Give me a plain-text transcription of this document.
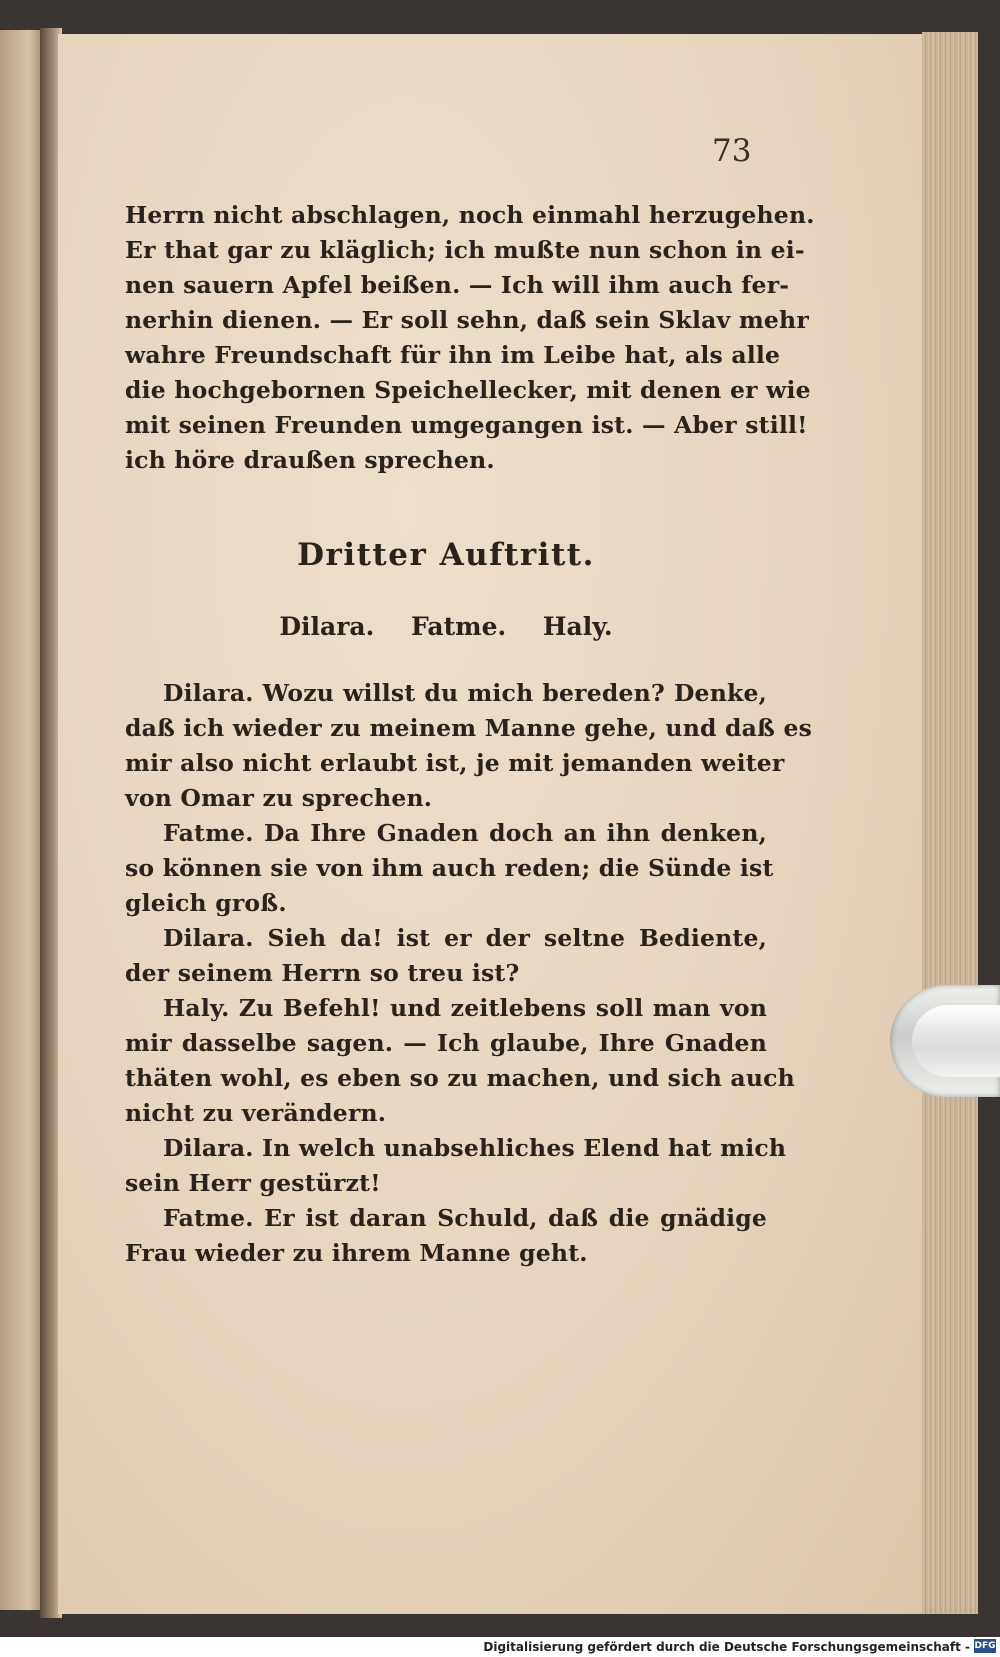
73
Herrn nicht abschlagen, noch einmahl herzugehen.
Er that gar zu kläglich; ich mußte nun schon in ei-
nen sauern Apfel beißen. — Ich will ihm auch fer-
nerhin dienen. — Er soll sehn, daß sein Sklav mehr
wahre Freundschaft für ihn im Leibe hat, als alle
die hochgebornen Speichellecker, mit denen er wie
mit seinen Freunden umgegangen ist. — Aber still!
ich höre draußen sprechen.
Dritter Auftritt.
Dilara. Fatme. Haly.
Dilara. Wozu willst du mich bereden? Denke,
daß ich wieder zu meinem Manne gehe, und daß es
mir also nicht erlaubt ist, je mit jemanden weiter
von Omar zu sprechen.
Fatme. Da Ihre Gnaden doch an ihn denken,
so können sie von ihm auch reden; die Sünde ist
gleich groß.
Dilara. Sieh da! ist er der seltne Bediente,
der seinem Herrn so treu ist?
Haly. Zu Befehl! und zeitlebens soll man von
mir dasselbe sagen. — Ich glaube, Ihre Gnaden
thäten wohl, es eben so zu machen, und sich auch
nicht zu verändern.
Dilara. In welch unabsehliches Elend hat mich
sein Herr gestürzt!
Fatme. Er ist daran Schuld, daß die gnädige
Frau wieder zu ihrem Manne geht.
Digitalisierung gefördert durch die Deutsche Forschungsgemeinschaft - DFG
